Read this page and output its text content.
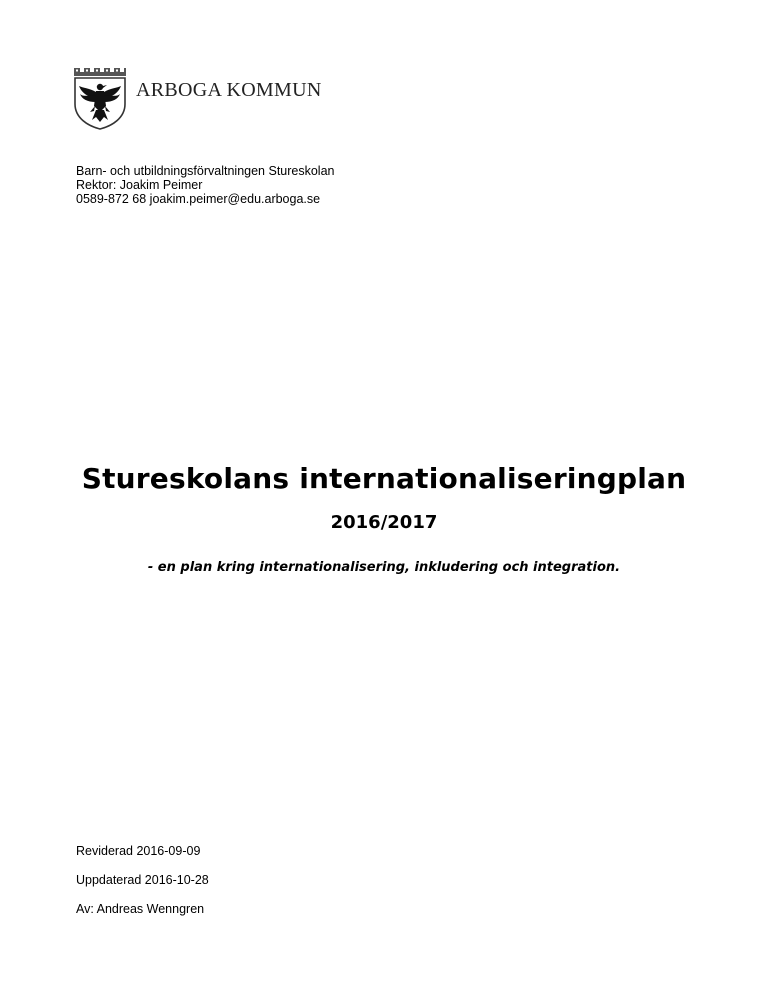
ARBOGA KOMMUN
Barn- och utbildningsförvaltningen Stureskolan
Rektor: Joakim Peimer
0589-872 68 joakim.peimer@edu.arboga.se
Stureskolans internationaliseringplan
2016/2017
- en plan kring internationalisering, inkludering och integration.
Reviderad 2016-09-09
Uppdaterad 2016-10-28
Av: Andreas Wenngren
